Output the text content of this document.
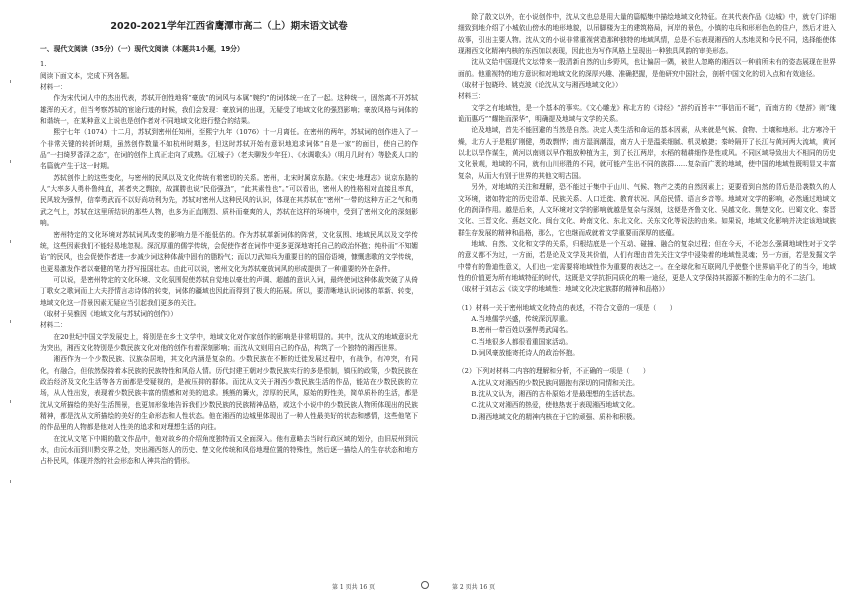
2020-2021学年江西省鹰潭市高二（上）期末语文试卷

一、现代文阅读（35分）（一）现代文阅读（本题共1小题，19分）

1.

阅读下面文本，完成下列各题。

材料一：

作为宋代词人中的杰出代表，苏轼开创性地将“豪放”的词风与本属“婉约”的词体统一在了一起。这种统一，固然离不开苏轼雄浑的天才，但当考察苏轼的宦途行迹的时候，我们会发现：豪放词的出现，无疑受了地域文化的强烈影响；豪放风格与词体的和谐统一，在某种意义上说也是创作者对不同地域文化进行整合的结果。

熙宁七年（1074）十二月，苏轼到密州任知州，至熙宁九年（1076）十一月离任。在密州的两年，苏轼词的创作进入了一个非常关键的转折时期，虽然创作数量不如杭州时期多，但这时苏轼开始有意识地追求词体“自是一家”的面目，使自己的作品“一扫绮罗香泽之态”，在词的创作上真正走向了成熟。《江城子》（老夫聊发少年狂）、《水调歌头》（明月几时有）等脍炙人口的名篇就产生于这一时期。

苏轼创作上的这些变化，与密州的民风以及文化传统有着密切的关系。密州，北宋时属京东路。《宋史·地理志》说京东路的人“大率多人勇朴鲁纯直，甚者夹之剽掠，故謀勝也说“民俗强劲”，“此其素性也”。”可以看出，密州人的性格相对直接且率真，民风较为强悍，信奉勇武而不以好尚功利为先，苏轼对密州人这种民风的认识，体现在其苏轼在“密州”一带的这种方正之气和勇武之气上，苏轼在这里所结识的那些人物，也多为正直刚烈、质朴而豪爽的人，苏轼在这样的环境中，受到了密州文化的深刻影响。

密州特定的文化环境对苏轼词风改变的影响力是不能低估的。作为苏轼革新词体的阵营，文化氛围、地域民风以及文学传统，这些因素我们不能轻易地忽视。深沉厚重的儒学传统，会促使作者在词作中更多更深地寄托自己的政治怀抱；纯朴而“不知媚谄”的民风，也会促使作者进一步减少词这种体裁中固有的脂粉气；而以刀武知兵为重要目的的国俗语境，慷慨悲歌的文学传统，也更易激发作者以豪健的笔力抒写报国壮志。由此可以说，密州文化为苏轼豪放词风的形成提供了一种重要的外在条件。

可以说，是密州特定的文化环境、文化氛围促使苏轼自觉地以豪壮的声调、超越的意识入词，最终使词这种体裁突破了从倚丁歌女之歌词而上大夫抒情言志诗体的转变，词体的疆域也因此而得到了极大的拓展。所以，要清晰地认识词体的革新、转变，地域文化这一背景因素无疑应当引起我们更多的关注。

（取材于吴雅因《地域文化与苏轼词的创作》）

材料二：

在20世纪中国文学发展史上，将别是在乡土文学中，地域文化对作家创作的影响是非常明显的。其中，沈从文的地域意识尤为突出，湘西文化特别是少数民族文化对他的创作有着深刻影响；而沈从文则用自己的作品，构筑了一个独特的湘西世界。

湘西作为一个少数民族、汉族杂居地，其文化内涵是复杂的。少数民族在不断的迁徙发展过程中，有战争，有冲突，有同化，有融合，但依然保持着本民族的民族特性和风俗人情。历代封建王朝对少数民族实行的多是恨制，镇压的政策，少数民族在政治经济及文化生活等各方面都是受疑视的，是被压抑的群体。而沈从文关于湘西少数民族生活的作品，能站在少数民族的立场，从人性出发，表现着少数民族丰富的情感和对美的追求。熊熊的篝火，淳厚的民风，原始的野性美，简单质朴的生活，都是沈从文所描绘的美好生活图景，也更加形象地告诉我们少数民族的民族精神品格，或这个小说中的少数民族人物所体现出的民族精神，都是沈从文所描绘的美好的生命形态和人性状态。他在湘西的边城里体现出了一种人性最美好的状态和感情，这些他笔下的作品里的人物都是他对人性美的追求和对理想生活的向往。

在沈从文笔下中期的散文作品中，他对故乡的介绍角度独特而又全面深入。他有意略去当时行政区域的划分，由旧辰州到沅水，由沅水而到川黔交界之处，突出湘西怒人的历史、楚文化传统和风俗地理位置的特殊性，然后逐一描绘人的生存状态和地方占朴民风，体现并然的社会形态和人神共治的情形。

除了散文以外，在小说创作中，沈从文也总是用大量的篇幅集中描绘地域文化特征。在其代表作品《边城》中，就专门详细细致到地介绍了小城依山傍水的地形地貌，以吊脚楼为主的建筑格局，河岸的景色，小镇的屯兵和形形色色的住户，然后才进入故事，引出主要人物。沈从文的小说非常重视营造那种独特的地域风情，总是不忘表现湘西的人杰地灵和今民不同，选择能使体现湘西文化精神内核的东西加以表现，因此也为写作风格上呈现出一种独具风韵的审美形态。

沈从文给中国现代文坛带来一股清新自然的山乡野风，也让偏居一隅，被世人忽略的湘西以一种前所未有的姿态展现在世界面前。他重视特的地方意识和对地域文化的深厚兴趣、准确把握，是他研究中国社会，剖析中国文化的切入点和有效途径。

（取材于包晓玲、姚克波《论沈从文与湘西地域文化》）

材料三：

文学之有地域性，是一个基本的事实。《文心雕龙》称北方的《诗经》“辞约而旨丰”“事信而不诞”，而南方的《楚辞》则“瑰诡而惠巧”“耀艳而深华”，明确提及地域与文学的关系。

论及地域，首先不能回避的当然是自然。决定人类生活和命运的基本因素，从来就是气候、食物、土壤和地形。北方寒冷干燥，北方人于是粗犷刚健，勇敢剽悍；南方湿润潮湿，南方人于是温柔细腻、机灵敏捷；秦岭隔开了长江与黄河两大流域，黄河以北以旱作谋生，黄河以南则以早作粗放种植为主，到了长江两岸，水稻的精耕细作是性或风。不同区域导致出大不相同的历史文化景观，地域的不同，就有山川形胜的不同，就可能产生出不同的族群……复杂而广袤的地域，使中国的地域性既明显又丰富复杂，从而大有别于世界的其他文明古国。

另外，对地域的关注和理解，恐不能过于集中于山川、气候、物产之类的自然因素上；更要看到自然的背后是沿袭数久的人文环境，诸如特定的历史沿革、民族关系、人口迁徙、教育状况、风俗民情、语言乡音等。地域对文学的影响，必然通过地域文化的润泽作用。越是后来，人文环境对文学的影响就越是复杂与深刻，这便是齐鲁文化、吴越文化、荆楚文化、巴蜀文化、秦晋文化、三晋文化、燕赵文化、闽台文化、岭南文化、东北文化、关东文化等说法的由来。如果说，地域文化影响并决定该地域族群生存发展的精神和品格，那么，它也继而成就着文学重要而深厚的底蕴。

地域、自然、文化和文学的关系，归根结底是一个互动、碰撞、融合的复杂过程；但在今天，不论怎么强调地域性对于文学的意义都不为过，一方面，若是论及文学及其价值，人们有理由首先关注文学中浸染着的地域性灵魂；另一方面，若是发掘文学中带有的鲁迪性意义，人们也一定需要将地域性作为重要的表达之一。在全球化和互联网几乎使整个世界扁平化了的当今，地域性的价值更为所有地域特征的时代，这既是文学抗拒同质化的唯一途径，更是人文学保持其源源不断的生命力的不二法门。

（取材于刘志云《谈文学的地域性：地域文化决定族群的精神和品格》）

（1）材料一关于密州地域文化特点的表述，不符合文意的一项是（　　）

A.当地儒学兴盛，传统深沉厚重。

B.密州一带百姓以强悍勇武闻名。

C.当地很多人都很看重国家活动。

D.词风豪放能寄托诗人的政治怀抱。

（2）下列对材料二内容的理解和分析，不正确的一项是（　　）

A.沈从文对湘西的少数民族问题抱有深切的同情和关注。

B.沈从文认为，湘西的古朴原始才是最理想的生活状态。

C.沈从文对湘西的热爱，使他热衷于表现湘西地域文化。

D.湘西地域文化的精神内核在于它的顽强、质朴和积极。

第 1 页共 16 页	第 2 页共 16 页
